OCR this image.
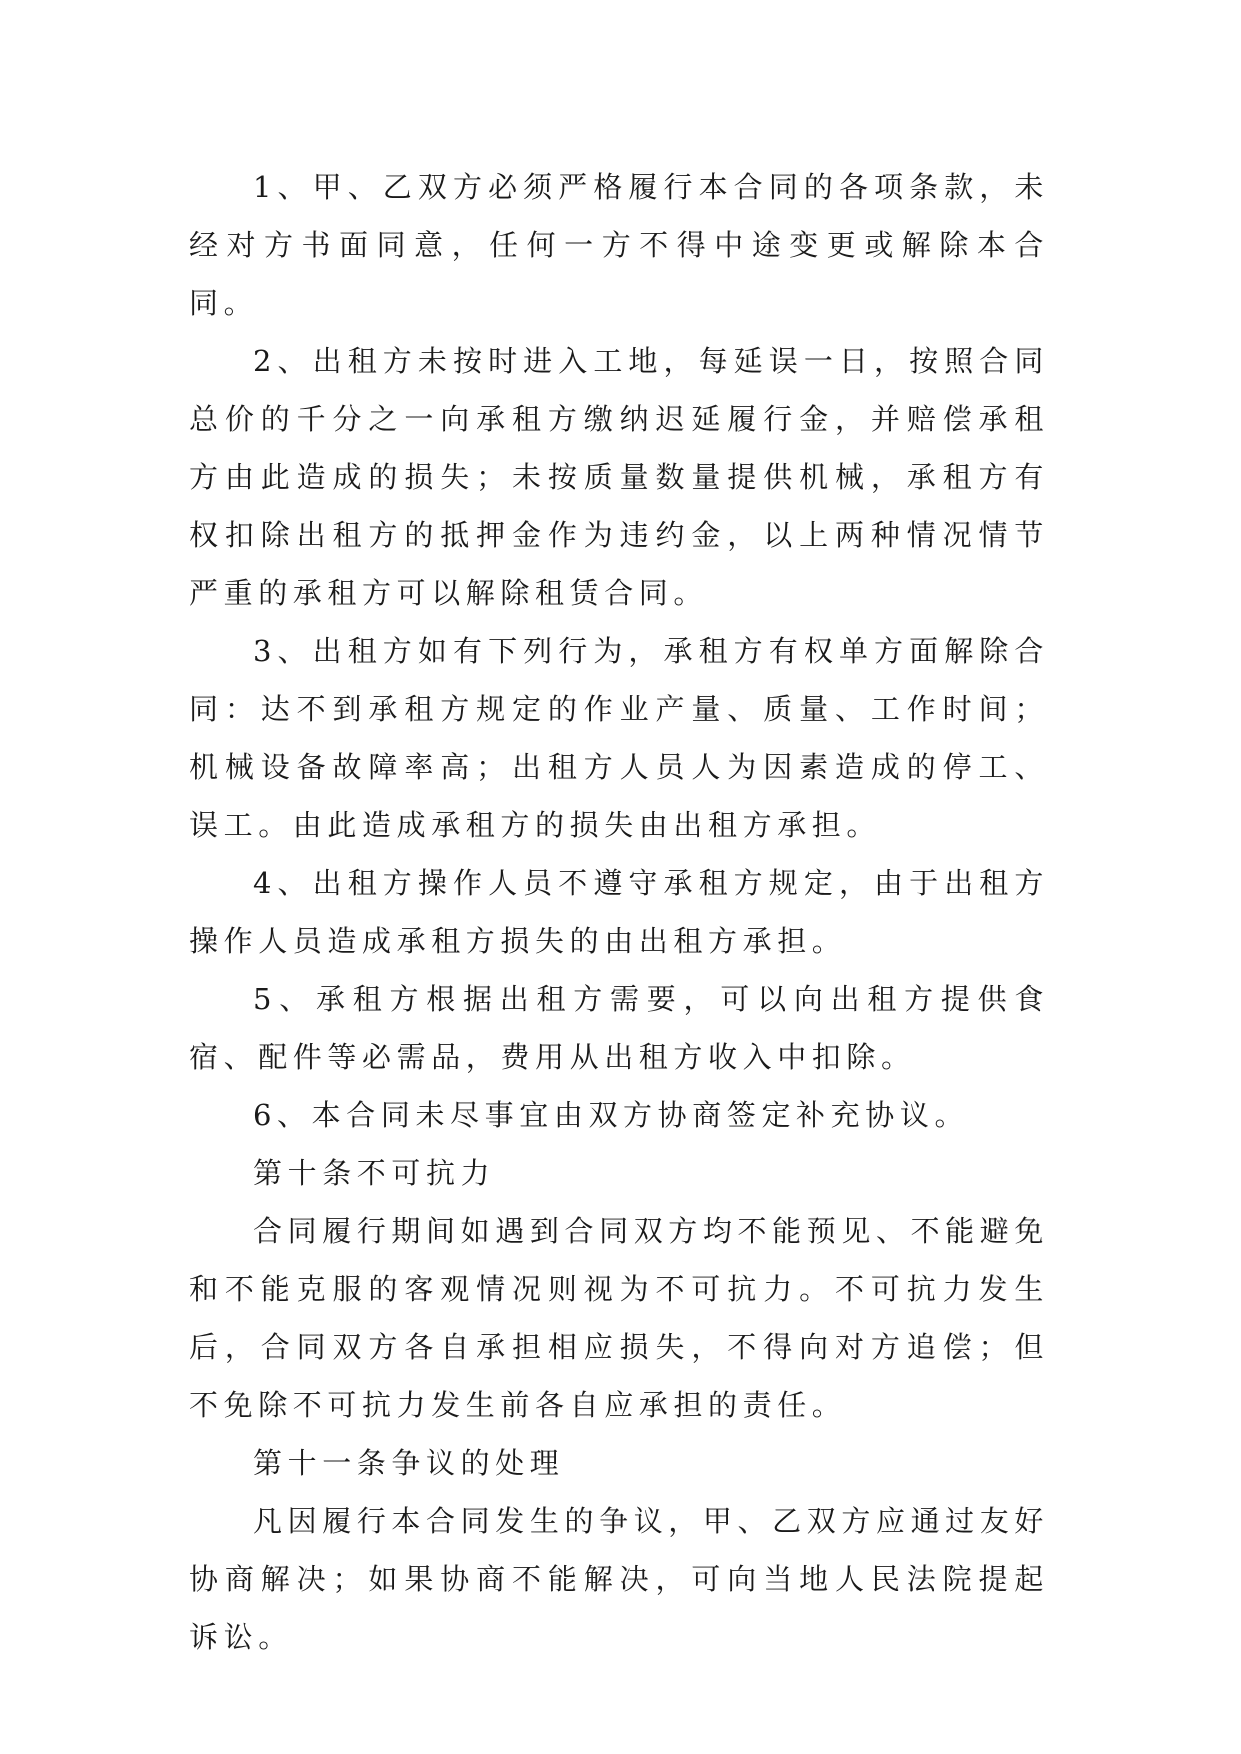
1、甲、乙双方必须严格履行本合同的各项条款，未经对方书面同意，任何一方不得中途变更或解除本合同。

2、出租方未按时进入工地，每延误一日，按照合同总价的千分之一向承租方缴纳迟延履行金，并赔偿承租方由此造成的损失；未按质量数量提供机械，承租方有权扣除出租方的抵押金作为违约金，以上两种情况情节严重的承租方可以解除租赁合同。

3、出租方如有下列行为，承租方有权单方面解除合同：达不到承租方规定的作业产量、质量、工作时间；机械设备故障率高；出租方人员人为因素造成的停工、误工。由此造成承租方的损失由出租方承担。

4、出租方操作人员不遵守承租方规定，由于出租方操作人员造成承租方损失的由出租方承担。

5、承租方根据出租方需要，可以向出租方提供食宿、配件等必需品，费用从出租方收入中扣除。

6、本合同未尽事宜由双方协商签定补充协议。

第十条不可抗力

合同履行期间如遇到合同双方均不能预见、不能避免和不能克服的客观情况则视为不可抗力。不可抗力发生后，合同双方各自承担相应损失，不得向对方追偿；但不免除不可抗力发生前各自应承担的责任。

第十一条争议的处理

凡因履行本合同发生的争议，甲、乙双方应通过友好协商解决；如果协商不能解决，可向当地人民法院提起诉讼。
